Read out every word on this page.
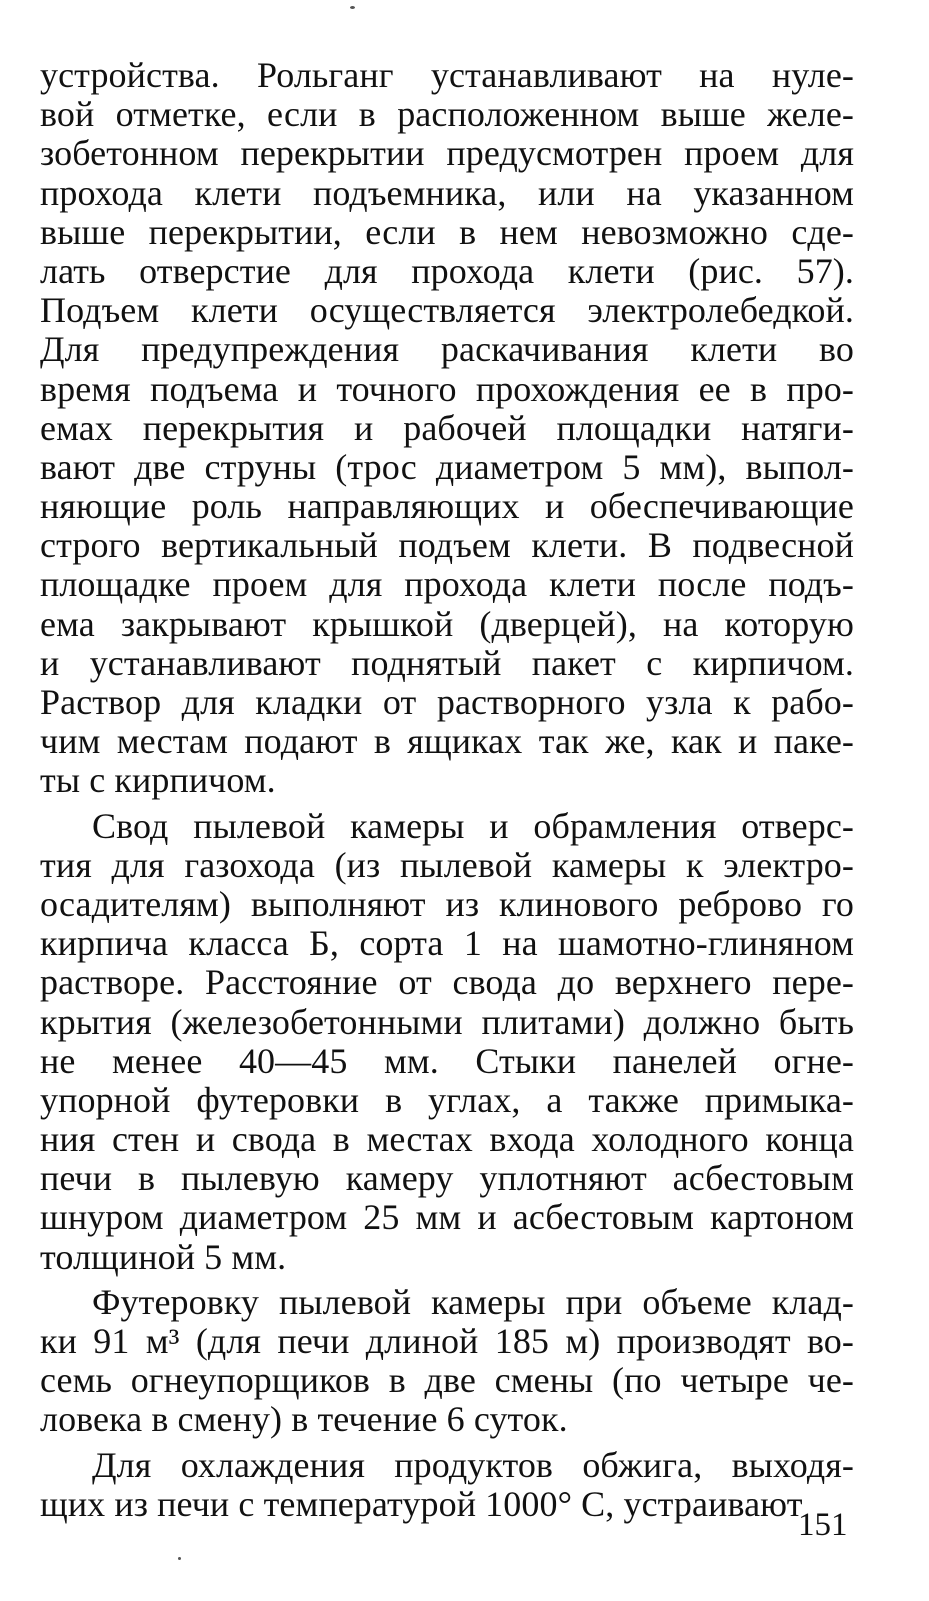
устройства. Рольганг устанавливают на нуле-
вой отметке, если в расположенном выше желе-
зобетонном перекрытии предусмотрен проем для
прохода клети подъемника, или на указанном
выше перекрытии, если в нем невозможно сде-
лать отверстие для прохода клети (рис. 57).
Подъем клети осуществляется электролебедкой.
Для предупреждения раскачивания клети во
время подъема и точного прохождения ее в про-
емах перекрытия и рабочей площадки натяги-
вают две струны (трос диаметром 5 мм), выпол-
няющие роль направляющих и обеспечивающие
строго вертикальный подъем клети. В подвесной
площадке проем для прохода клети после подъ-
ема закрывают крышкой (дверцей), на которую
и устанавливают поднятый пакет с кирпичом.
Раствор для кладки от растворного узла к рабо-
чим местам подают в ящиках так же, как и паке-
ты с кирпичом.
Свод пылевой камеры и обрамления отверс-
тия для газохода (из пылевой камеры к электро-
осадителям) выполняют из клинового реброво го
кирпича класса Б, сорта 1 на шамотно-глиняном
растворе. Расстояние от свода до верхнего пере-
крытия (железобетонными плитами) должно быть
не менее 40—45 мм. Стыки панелей огне-
упорной футеровки в углах, а также примыка-
ния стен и свода в местах входа холодного конца
печи в пылевую камеру уплотняют асбестовым
шнуром диаметром 25 мм и асбестовым картоном
толщиной 5 мм.
Футеровку пылевой камеры при объеме клад-
ки 91 м³ (для печи длиной 185 м) производят во-
семь огнеупорщиков в две смены (по четыре че-
ловека в смену) в течение 6 суток.
Для охлаждения продуктов обжига, выходя-
щих из печи с температурой 1000° С, устраивают
151
